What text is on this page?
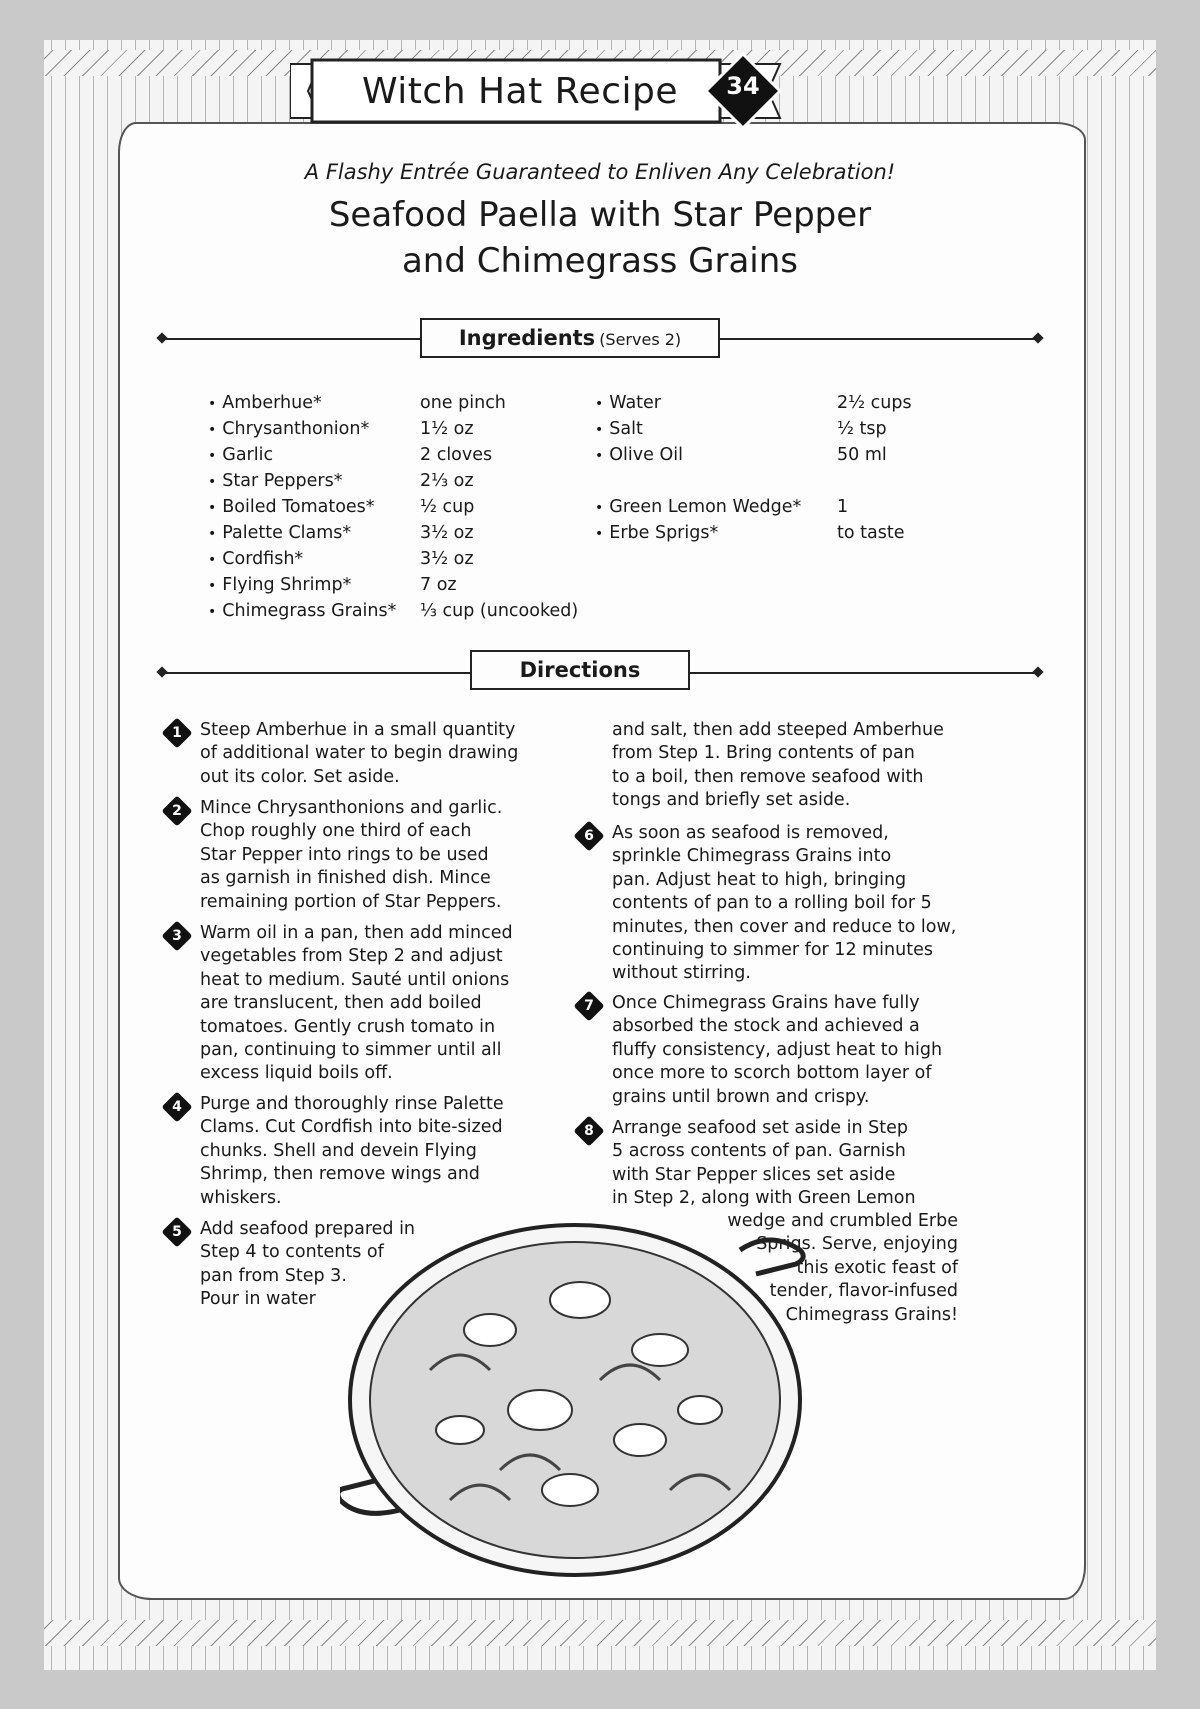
Witch Hat Recipe 34
A Flashy Entrée Guaranteed to Enliven Any Celebration!
Seafood Paella with Star Pepper
and Chimegrass Grains
Ingredients (Serves 2)
• Amberhue*	one pinch
• Chrysanthonion*	1½ oz
• Garlic	2 cloves
• Star Peppers*	2⅓ oz
• Boiled Tomatoes*	½ cup
• Palette Clams*	3½ oz
• Cordfish*	3½ oz
• Flying Shrimp*	7 oz
• Chimegrass Grains* ⅓ cup (uncooked)
• Water	2½ cups
• Salt	½ tsp
• Olive Oil	50 ml
• Green Lemon Wedge* 1
• Erbe Sprigs*	to taste
Directions
1	Steep Amberhue in a small quantity
of additional water to begin drawing
out its color. Set aside.
2	Mince Chrysanthonions and garlic.
Chop roughly one third of each
Star Pepper into rings to be used
as garnish in finished dish. Mince
remaining portion of Star Peppers.
3	Warm oil in a pan, then add minced
vegetables from Step 2 and adjust
heat to medium. Sauté until onions
are translucent, then add boiled
tomatoes. Gently crush tomato in
pan, continuing to simmer until all
excess liquid boils off.
4	Purge and thoroughly rinse Palette
Clams. Cut Cordfish into bite-sized
chunks. Shell and devein Flying
Shrimp, then remove wings and
whiskers.
5	Add seafood prepared in
Step 4 to contents of
pan from Step 3.
Pour in water
and salt, then add steeped Amberhue
from Step 1. Bring contents of pan
to a boil, then remove seafood with
tongs and briefly set aside.
6	As soon as seafood is removed,
sprinkle Chimegrass Grains into
pan. Adjust heat to high, bringing
contents of pan to a rolling boil for 5
minutes, then cover and reduce to low,
continuing to simmer for 12 minutes
without stirring.
7	Once Chimegrass Grains have fully
absorbed the stock and achieved a
fluffy consistency, adjust heat to high
once more to scorch bottom layer of
grains until brown and crispy.
8	Arrange seafood set aside in Step
5 across contents of pan. Garnish
with Star Pepper slices set aside
in Step 2, along with Green Lemon
wedge and crumbled Erbe
Sprigs. Serve, enjoying
this exotic feast of
tender, flavor-infused
Chimegrass Grains!
